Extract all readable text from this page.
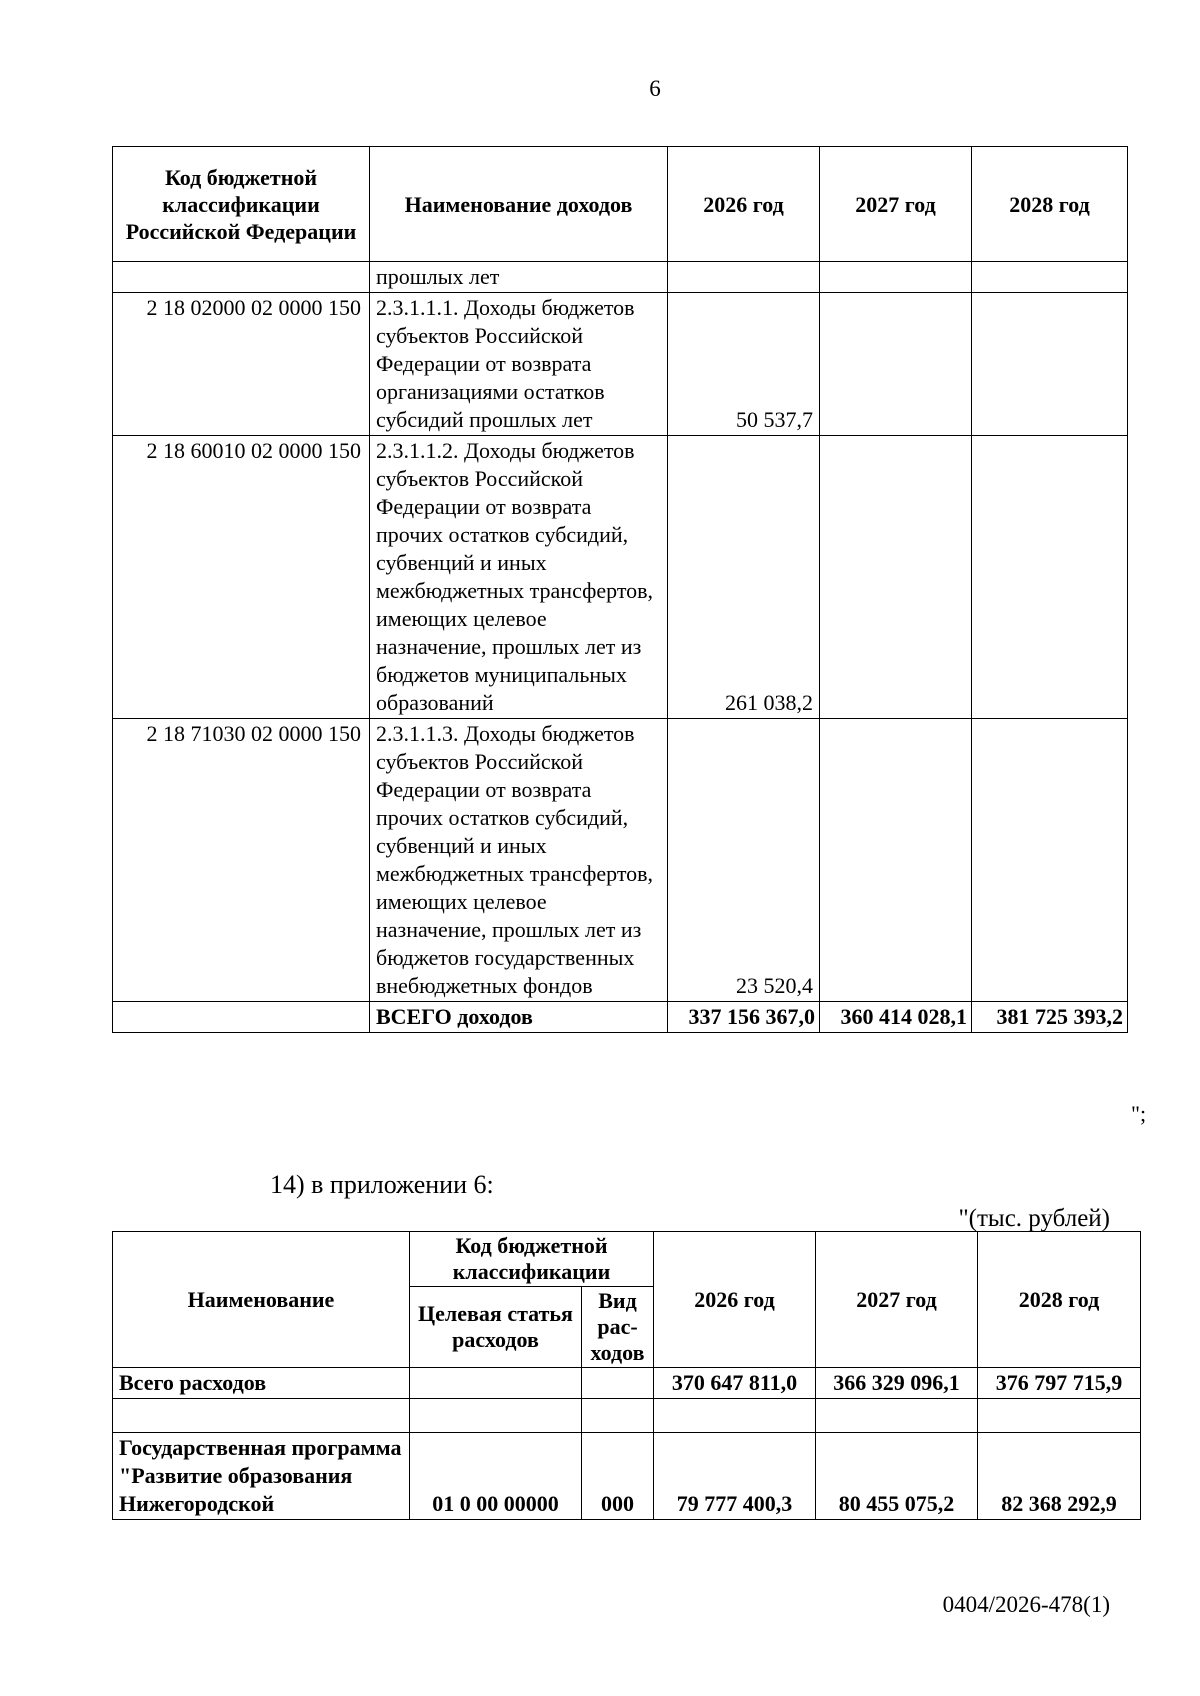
6
Код бюджетной классификации Российской Федерации	Наименование доходов	2026 год	2027 год	2028 год
	прошлых лет			
2 18 02000 02 0000 150	2.3.1.1.1. Доходы бюджетов субъектов Российской Федерации от возврата организациями остатков субсидий прошлых лет	50 537,7		
2 18 60010 02 0000 150	2.3.1.1.2. Доходы бюджетов субъектов Российской Федерации от возврата прочих остатков субсидий, субвенций и иных межбюджетных трансфертов, имеющих целевое назначение, прошлых лет из бюджетов муниципальных образований	261 038,2		
2 18 71030 02 0000 150	2.3.1.1.3. Доходы бюджетов субъектов Российской Федерации от возврата прочих остатков субсидий, субвенций и иных межбюджетных трансфертов, имеющих целевое назначение, прошлых лет из бюджетов государственных внебюджетных фондов	23 520,4		
	ВСЕГО доходов	337 156 367,0	360 414 028,1	381 725 393,2
";
14) в приложении 6:
"(тыс. рублей)
Наименование	Код бюджетной классификации		2026 год	2027 год	2028 год
	Целевая статья расходов	Вид рас-ходов			
Всего расходов			370 647 811,0	366 329 096,1	376 797 715,9

Государственная программа "Развитие образования Нижегородской	01 0 00 00000	000	79 777 400,3	80 455 075,2	82 368 292,9
0404/2026-478(1)
